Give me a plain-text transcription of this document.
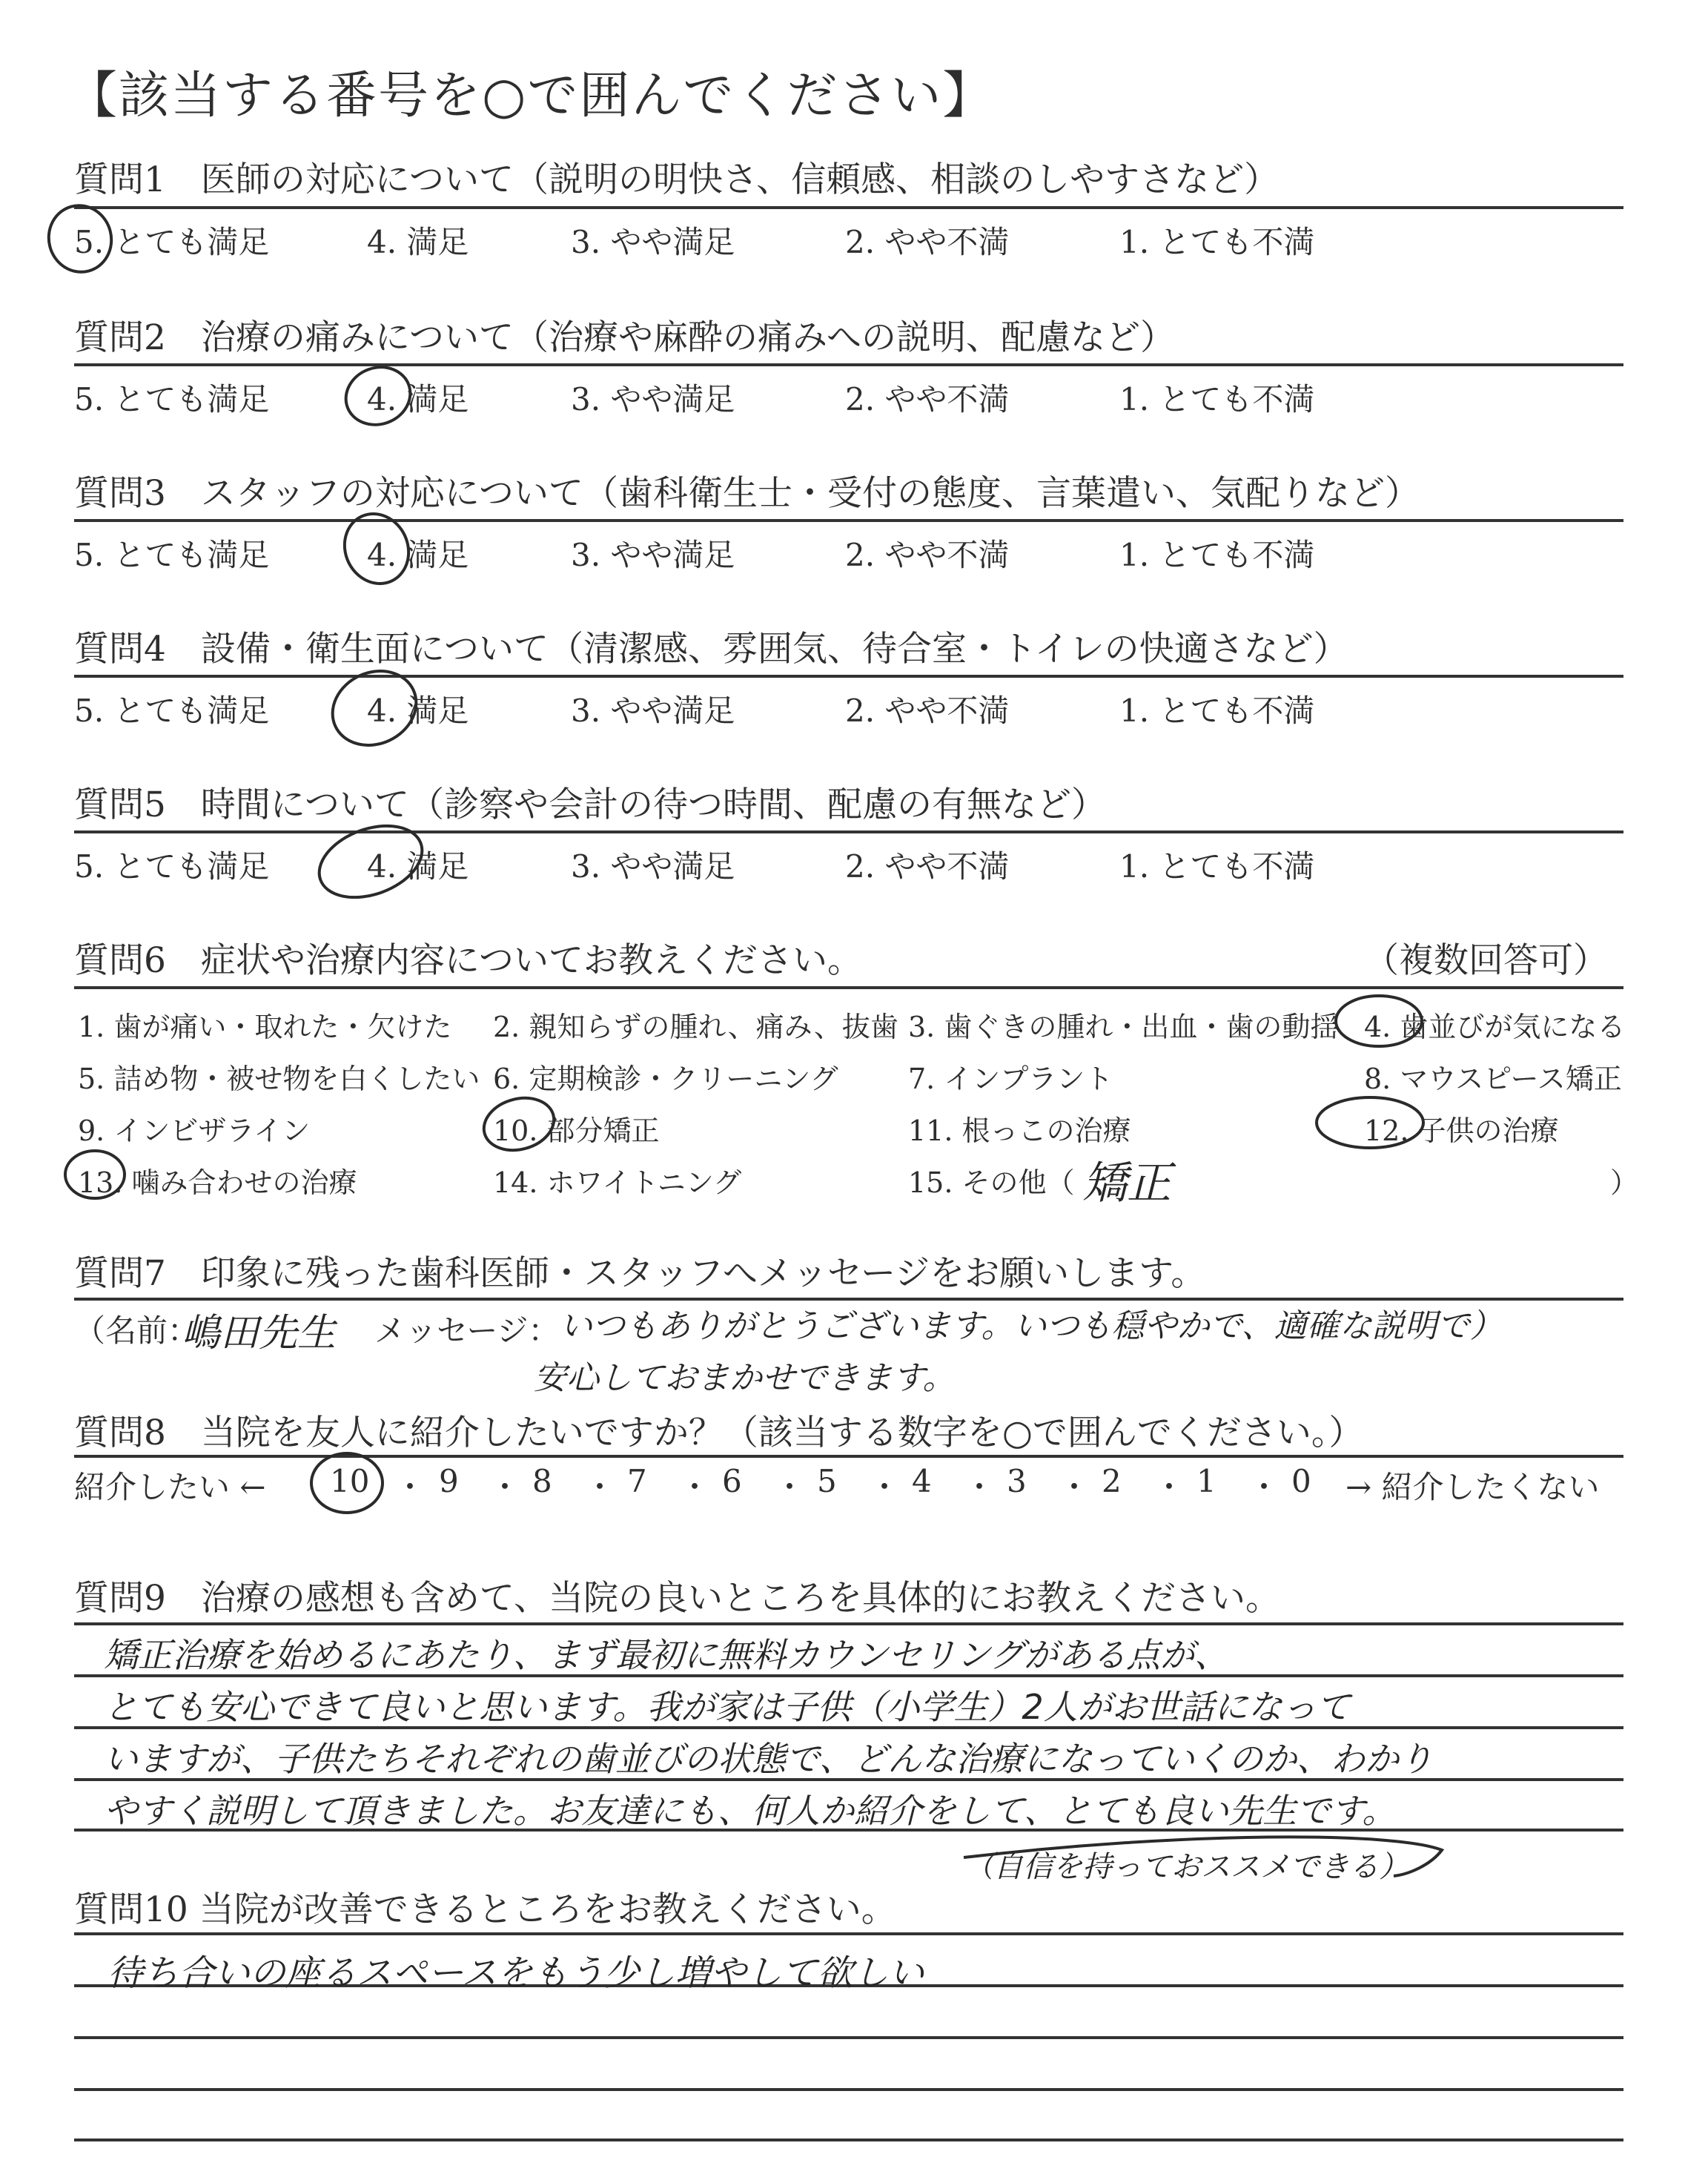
【該当する番号を○で囲んでください】
質問1　医師の対応について（説明の明快さ、信頼感、相談のしやすさなど）
5. とても満足	4. 満足	3. やや満足	2. やや不満	1. とても不満
質問2　治療の痛みについて（治療や麻酔の痛みへの説明、配慮など）
5. とても満足	4. 満足	3. やや満足	2. やや不満	1. とても不満
質問3　スタッフの対応について（歯科衛生士・受付の態度、言葉遣い、気配りなど）
5. とても満足	4. 満足	3. やや満足	2. やや不満	1. とても不満
質問4　設備・衛生面について（清潔感、雰囲気、待合室・トイレの快適さなど）
5. とても満足	4. 満足	3. やや満足	2. やや不満	1. とても不満
質問5　時間について（診察や会計の待つ時間、配慮の有無など）
5. とても満足	4. 満足	3. やや満足	2. やや不満	1. とても不満
質問6　症状や治療内容についてお教えください。	（複数回答可）
1. 歯が痛い・取れた・欠けた 2. 親知らずの腫れ、痛み、抜歯 3. 歯ぐきの腫れ・出血・歯の動揺 4. 歯並びが気になる
5. 詰め物・被せ物を白くしたい 6. 定期検診・クリーニング 7. インプラント	8. マウスピース矯正
9. インビザライン	10. 部分矯正	11. 根っこの治療	12. 子供の治療
13. 噛み合わせの治療	14. ホワイトニング	15. その他（ 矯正	）
質問7　印象に残った歯科医師・スタッフへメッセージをお願いします。
（名前：
嶋田先生 メッセージ： いつもありがとうございます。いつも穏やかで、適確な説明で）
安心しておまかせできます。
質問8　当院を友人に紹介したいですか？（該当する数字を○で囲んでください。）
紹介したい ← 10 ・ 9 ・ 8 ・ 7 ・ 6 ・ 5 ・ 4 ・ 3 ・ 2 ・ 1 ・ 0 → 紹介したくない
質問9　治療の感想も含めて、当院の良いところを具体的にお教えください。
矯正治療を始めるにあたり、まず最初に無料カウンセリングがある点が、
とても安心できて良いと思います。我が家は子供（小学生）2人がお世話になって
いますが、子供たちそれぞれの歯並びの状態で、どんな治療になっていくのか、わかり
やすく説明して頂きました。お友達にも、何人か紹介をして、とても良い先生です。
（自信を持っておススメできる）
質問10 当院が改善できるところをお教えください。
待ち合いの座るスペースをもう少し増やして欲しい
